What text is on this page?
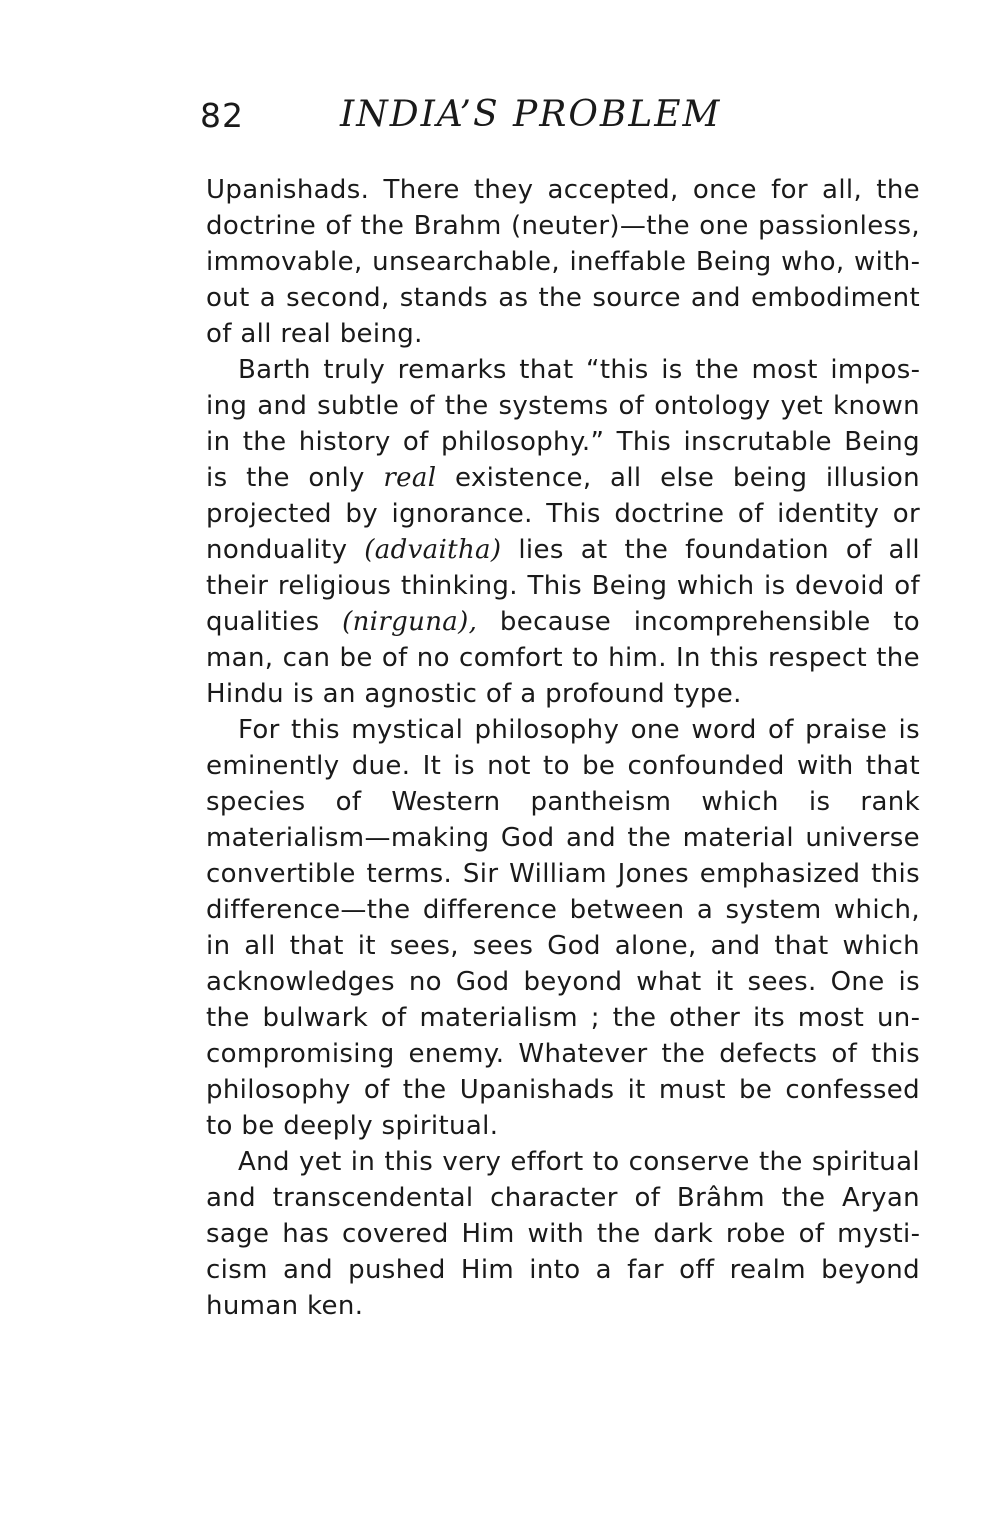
82	INDIA’S PROBLEM

Upanishads. There they accepted, once for all, the doctrine of the Brahm (neuter)—the one passionless, immovable, unsearchable, ineffable Being who, without a second, stands as the source and embodiment of all real being.

Barth truly remarks that “this is the most imposing and subtle of the systems of ontology yet known in the history of philosophy.” This inscrutable Being is the only real existence, all else being illusion projected by ignorance. This doctrine of identity or nonduality (advaitha) lies at the foundation of all their religious thinking. This Being which is devoid of qualities (nirguna), because incomprehensible to man, can be of no comfort to him. In this respect the Hindu is an agnostic of a profound type.

For this mystical philosophy one word of praise is eminently due. It is not to be confounded with that species of Western pantheism which is rank materialism—making God and the material universe convertible terms. Sir William Jones emphasized this difference—the difference between a system which, in all that it sees, sees God alone, and that which acknowledges no God beyond what it sees. One is the bulwark of materialism ; the other its most uncompromising enemy. Whatever the defects of this philosophy of the Upanishads it must be confessed to be deeply spiritual.

And yet in this very effort to conserve the spiritual and transcendental character of Brâhm the Aryan sage has covered Him with the dark robe of mysticism and pushed Him into a far off realm beyond human ken.
